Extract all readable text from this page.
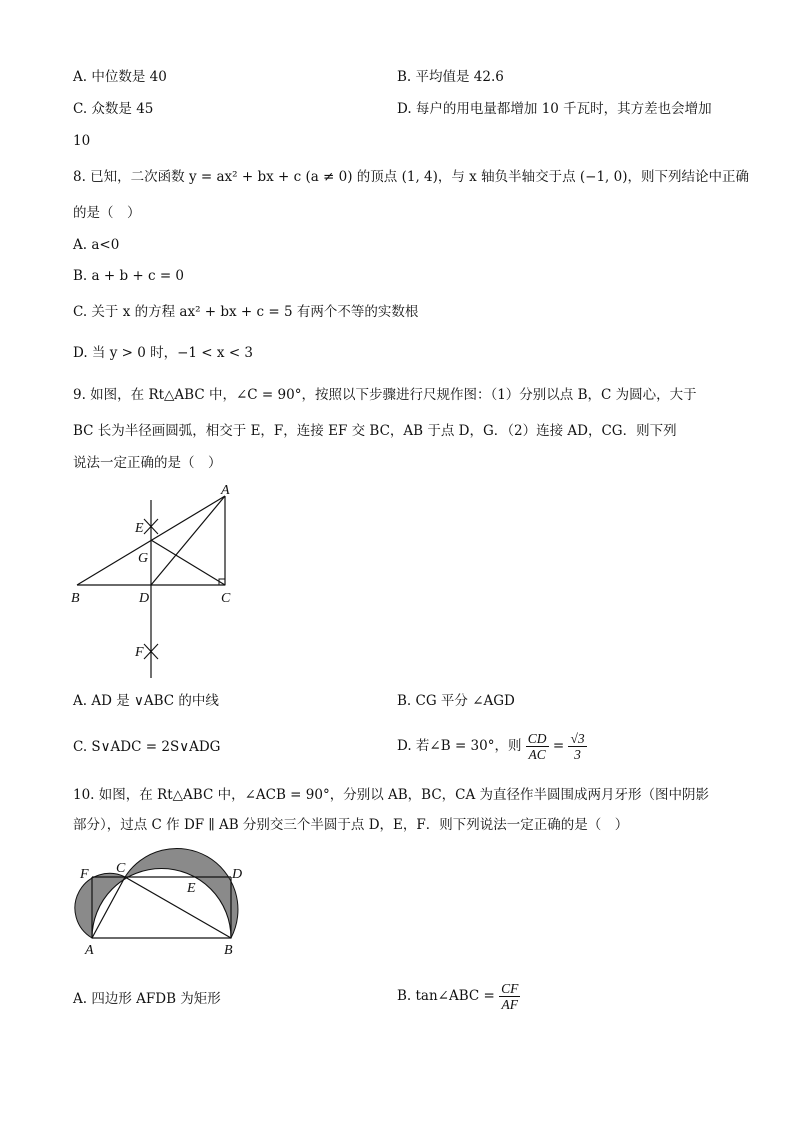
A. 中位数是 40	B. 平均值是 42.6
C. 众数是 45	D. 每户的用电量都增加 10 千瓦时，其方差也会增加
10
8. 已知，二次函数 y = ax² + bx + c (a ≠ 0) 的顶点 (1, 4)，与 x 轴负半轴交于点 (−1, 0)，则下列结论中正确
的是（　）
A. a<0
B. a + b + c = 0
C. 关于 x 的方程 ax² + bx + c = 5 有两个不等的实数根
D. 当 y > 0 时，−1 < x < 3
9. 如图，在 Rt△ABC 中，∠C = 90°，按照以下步骤进行尺规作图：（1）分别以点 B，C 为圆心，大于
BC 长为半径画圆弧，相交于 E，F，连接 EF 交 BC，AB 于点 D，G．（2）连接 AD，CG．则下列
说法一定正确的是（　）
A
E
G
B	D	C
F
A. AD 是 ∨ABC 的中线	B. CG 平分 ∠AGD
C. S∨ADC = 2S∨ADG	D. 若∠B = 30°，则 $\frac{CD}{AC} = \frac{√3}{3}$
10. 如图，在 Rt△ABC 中，∠ACB = 90°，分别以 AB，BC，CA 为直径作半圆围成两月牙形（图中阴影
部分），过点 C 作 DF ∥ AB 分别交三个半圆于点 D，E，F．则下列说法一定正确的是（　）
F C	D
E
A	B
A. 四边形 AFDB 为矩形	B. tan∠ABC = $\frac{CF}{AF}$
